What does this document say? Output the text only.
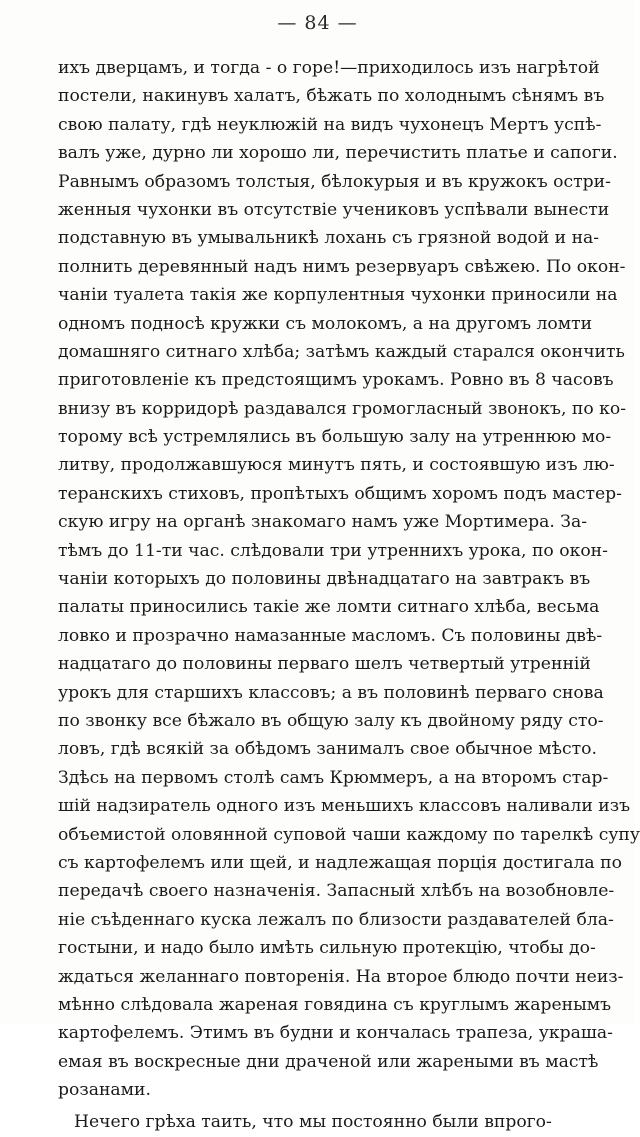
— 84 —
ихъ дверцамъ, и тогда - о горе!—приходилось изъ нагрѣтой
постели, накинувъ халатъ, бѣжать по холоднымъ сѣнямъ въ
свою палату, гдѣ неуклюжій на видъ чухонецъ Мертъ успѣ-
валъ уже, дурно ли хорошо ли, перечистить платье и сапоги.
Равнымъ образомъ толстыя, бѣлокурыя и въ кружокъ остри-
женныя чухонки въ отсутствіе учениковъ успѣвали вынести
подставную въ умывальникѣ лохань съ грязной водой и на-
полнить деревянный надъ нимъ резервуаръ свѣжею. По окон-
чаніи туалета такія же корпулентныя чухонки приносили на
одномъ подносѣ кружки съ молокомъ, а на другомъ ломти
домашняго ситнаго хлѣба; затѣмъ каждый старался окончить
приготовленіе къ предстоящимъ урокамъ. Ровно въ 8 часовъ
внизу въ корридорѣ раздавался громогласный звонокъ, по ко-
торому всѣ устремлялись въ большую залу на утреннюю мо-
литву, продолжавшуюся минутъ пять, и состоявшую изъ лю-
теранскихъ стиховъ, пропѣтыхъ общимъ хоромъ подъ мастер-
скую игру на органѣ знакомаго намъ уже Мортимера. За-
тѣмъ до 11-ти час. слѣдовали три утреннихъ урока, по окон-
чаніи которыхъ до половины двѣнадцатаго на завтракъ въ
палаты приносились такіе же ломти ситнаго хлѣба, весьма
ловко и прозрачно намазанные масломъ. Съ половины двѣ-
надцатаго до половины перваго шелъ четвертый утренній
урокъ для старшихъ классовъ; а въ половинѣ перваго снова
по звонку все бѣжало въ общую залу къ двойному ряду сто-
ловъ, гдѣ всякій за обѣдомъ занималъ свое обычное мѣсто.
Здѣсь на первомъ столѣ самъ Крюммеръ, а на второмъ стар-
шій надзиратель одного изъ меньшихъ классовъ наливали изъ
объемистой оловянной суповой чаши каждому по тарелкѣ супу
съ картофелемъ или щей, и надлежащая порція достигала по
передачѣ своего назначенія. Запасный хлѣбъ на возобновле-
ніе съѣденнаго куска лежалъ по близости раздавателей бла-
гостыни, и надо было имѣть сильную протекцію, чтобы до-
ждаться желаннаго повторенія. На второе блюдо почти неиз-
мѣнно слѣдовала жареная говядина съ круглымъ жаренымъ
картофелемъ. Этимъ въ будни и кончалась трапеза, украша-
емая въ воскресные дни драченой или жареными въ мастѣ
розанами.
Нечего грѣха таить, что мы постоянно были впрого-
